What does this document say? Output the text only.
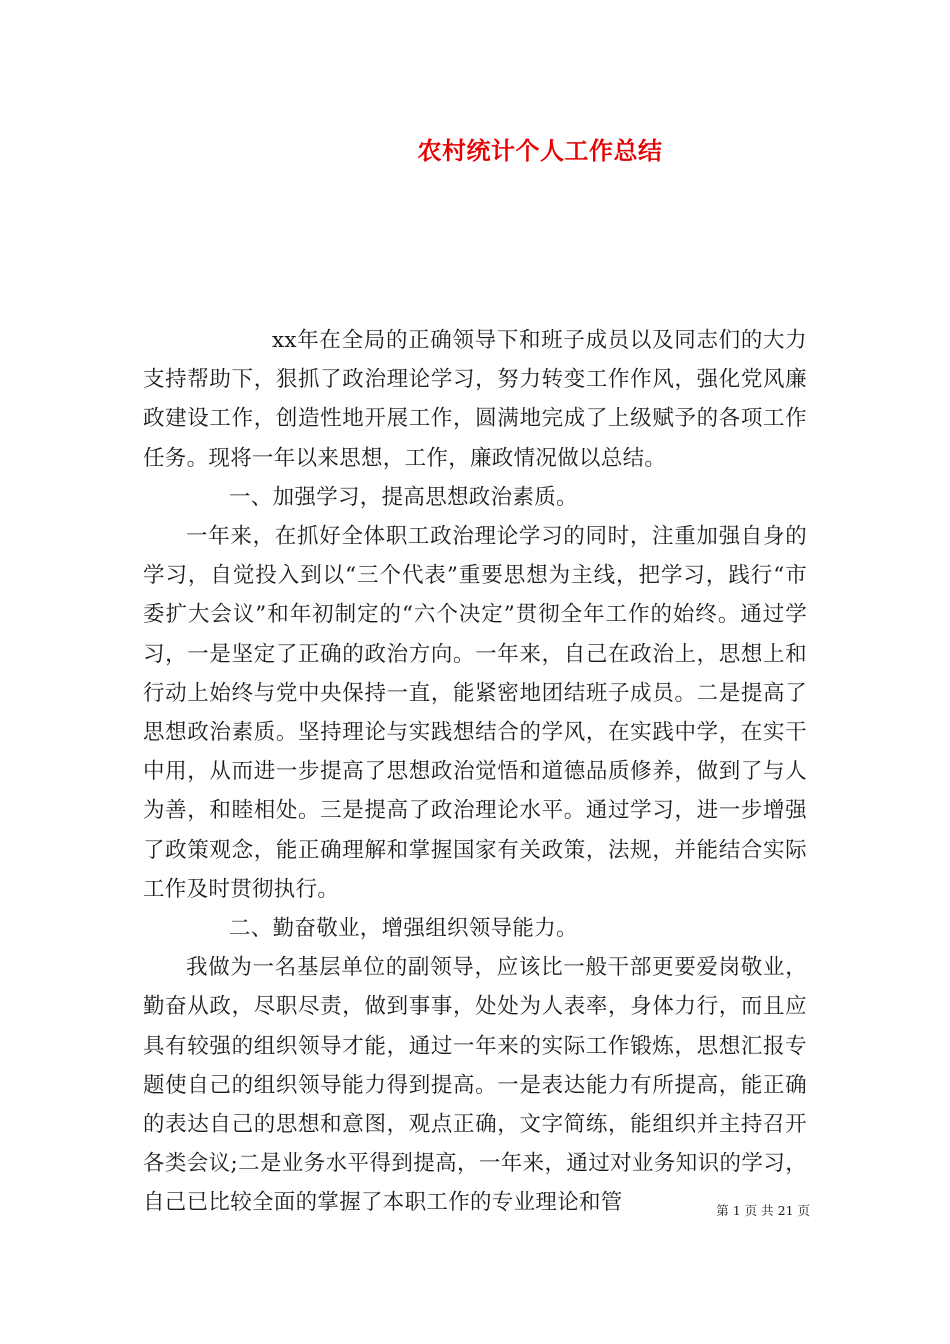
农村统计个人工作总结

xx年在全局的正确领导下和班子成员以及同志们的大力支持帮助下，狠抓了政治理论学习，努力转变工作作风，强化党风廉政建设工作，创造性地开展工作，圆满地完成了上级赋予的各项工作任务。现将一年以来思想，工作，廉政情况做以总结。

一、加强学习，提高思想政治素质。

一年来，在抓好全体职工政治理论学习的同时，注重加强自身的学习，自觉投入到以“三个代表”重要思想为主线，把学习，践行“市委扩大会议”和年初制定的“六个决定”贯彻全年工作的始终。通过学习，一是坚定了正确的政治方向。一年来，自己在政治上，思想上和行动上始终与党中央保持一直，能紧密地团结班子成员。二是提高了思想政治素质。坚持理论与实践想结合的学风，在实践中学，在实干中用，从而进一步提高了思想政治觉悟和道德品质修养，做到了与人为善，和睦相处。三是提高了政治理论水平。通过学习，进一步增强了政策观念，能正确理解和掌握国家有关政策，法规，并能结合实际工作及时贯彻执行。

二、勤奋敬业，增强组织领导能力。

我做为一名基层单位的副领导，应该比一般干部更要爱岗敬业，勤奋从政，尽职尽责，做到事事，处处为人表率，身体力行，而且应具有较强的组织领导才能，通过一年来的实际工作锻炼，思想汇报专题使自己的组织领导能力得到提高。一是表达能力有所提高，能正确的表达自己的思想和意图，观点正确，文字简练，能组织并主持召开各类会议;二是业务水平得到提高，一年来，通过对业务知识的学习，自己已比较全面的掌握了本职工作的专业理论和管	第 1 页 共 21 页
